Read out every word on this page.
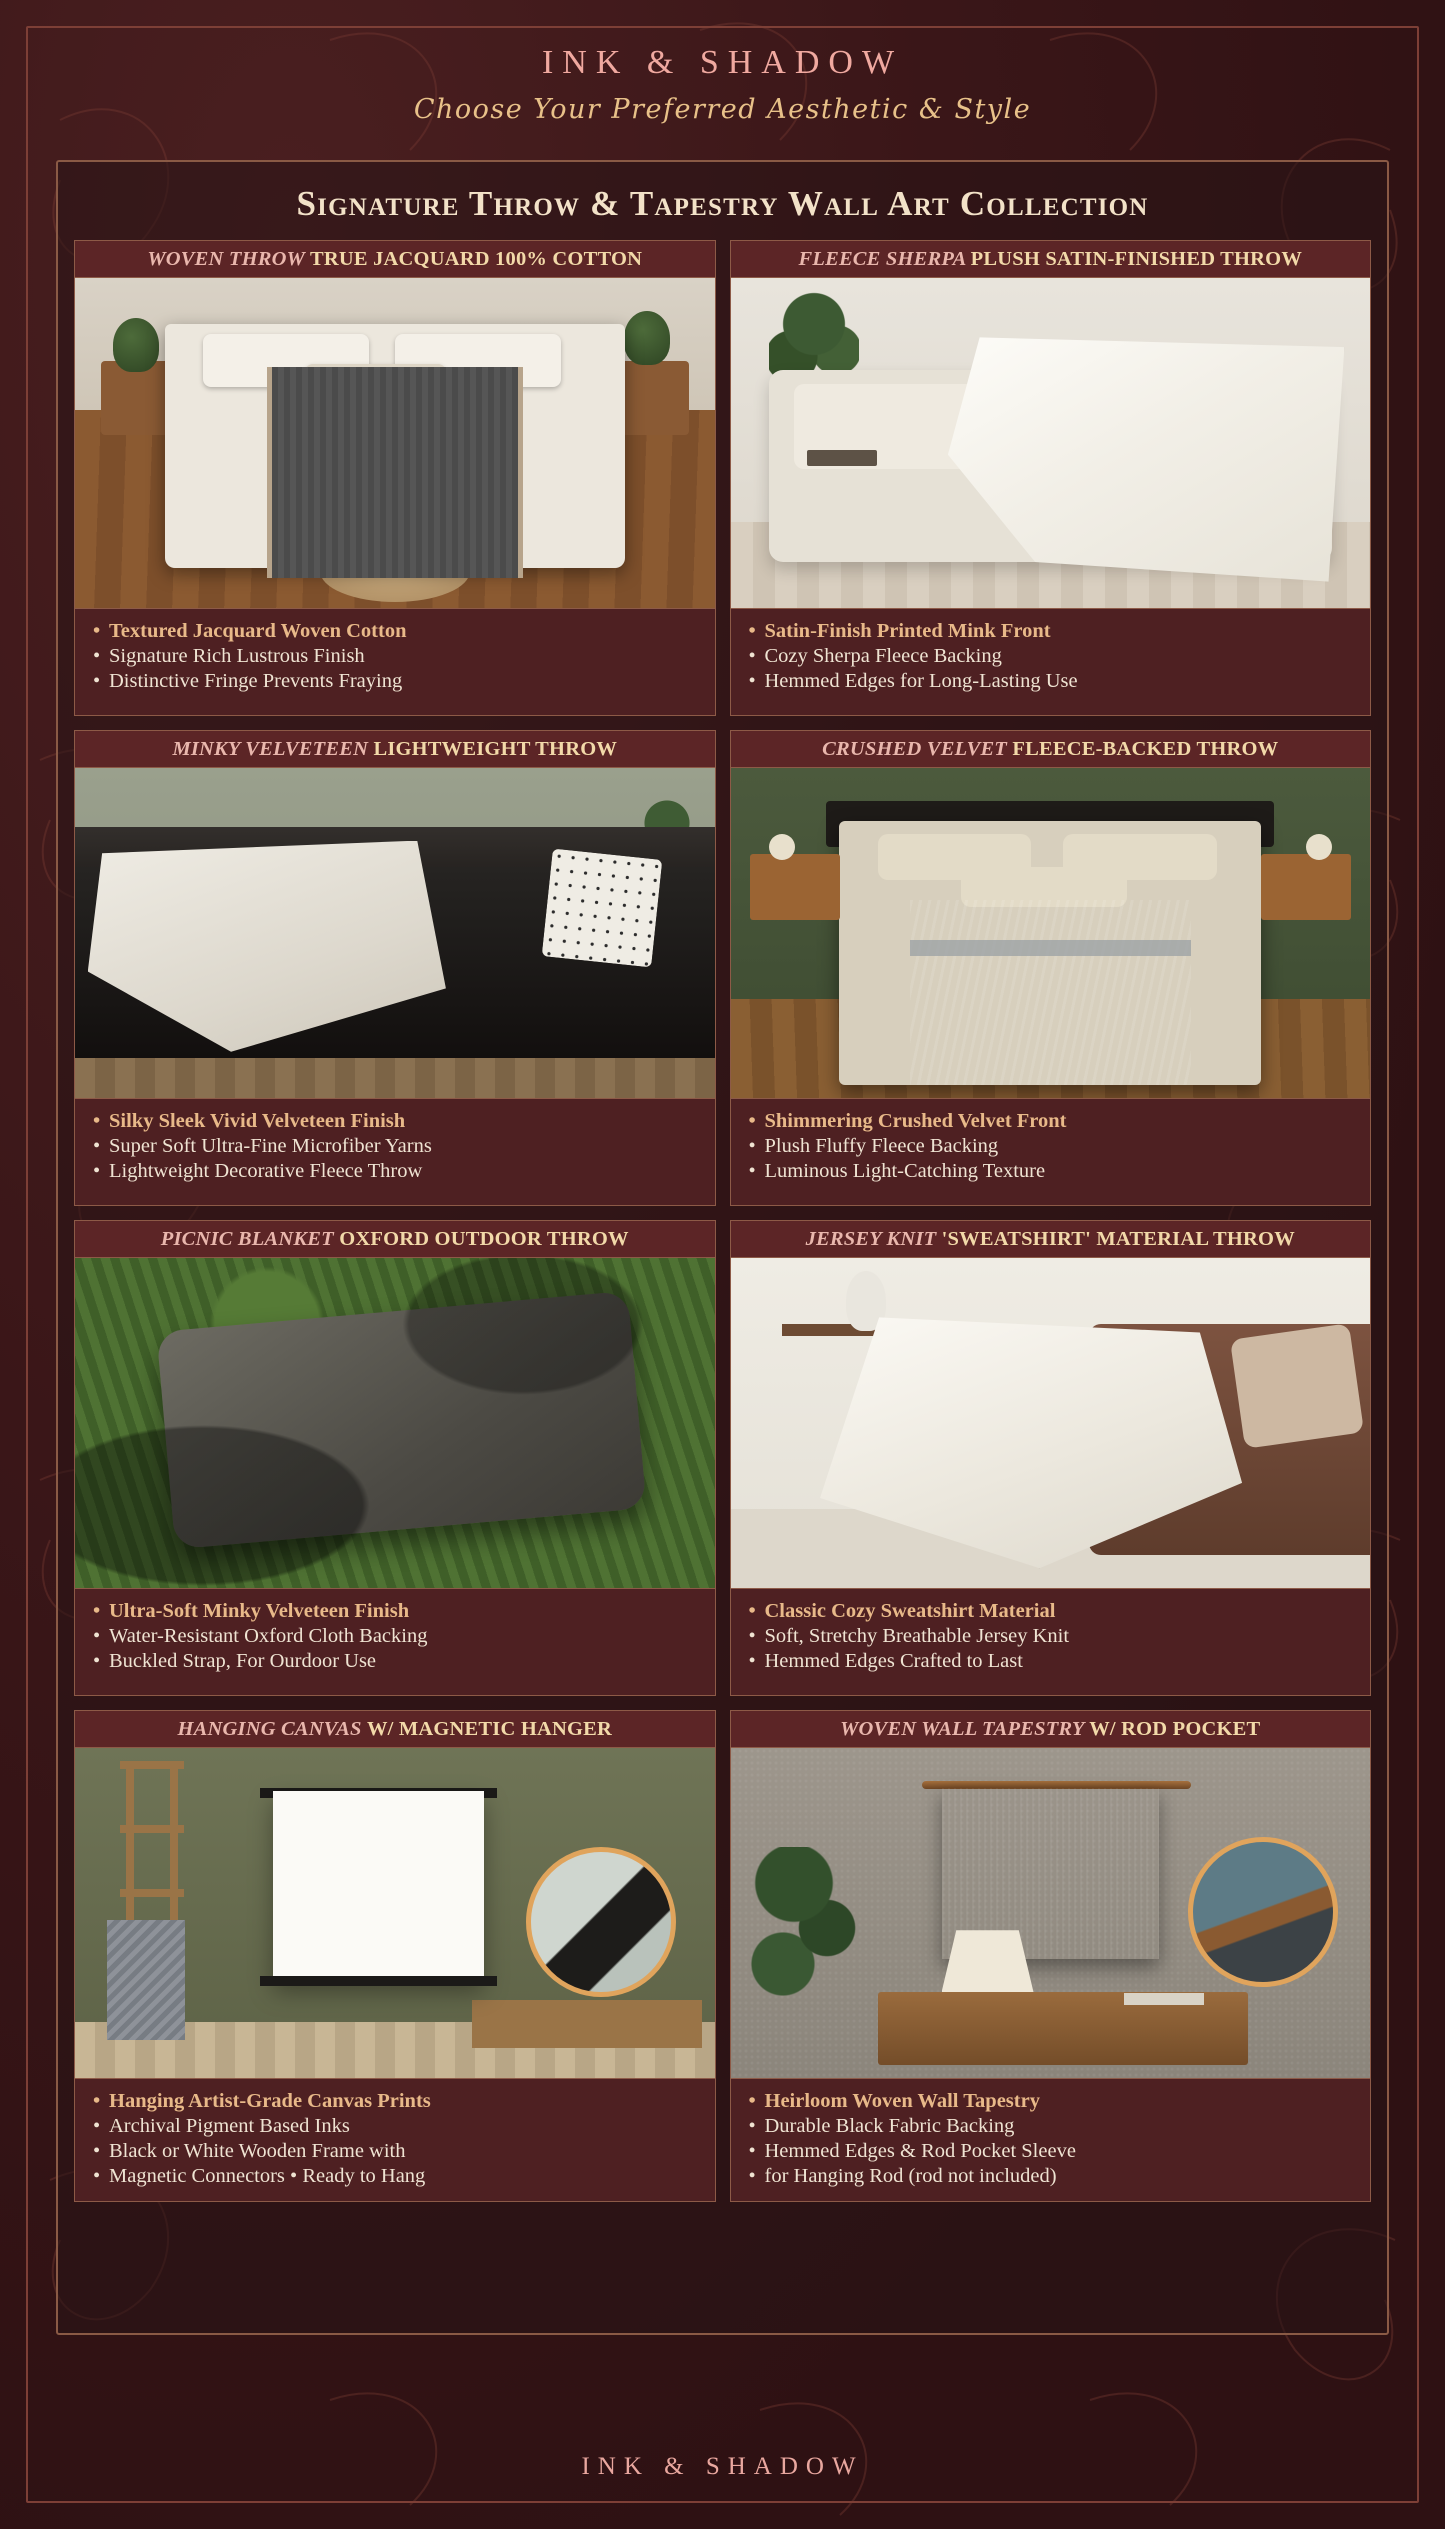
INK & SHADOW
Choose Your Preferred Aesthetic & Style
Signature Throw & Tapestry Wall Art Collection
WOVEN THROW TRUE JACQUARD 100% COTTON
• Textured Jacquard Woven Cotton
• Signature Rich Lustrous Finish
• Distinctive Fringe Prevents Fraying
FLEECE SHERPA PLUSH SATIN-FINISHED THROW
• Satin-Finish Printed Mink Front
• Cozy Sherpa Fleece Backing
• Hemmed Edges for Long-Lasting Use
MINKY VELVETEEN LIGHTWEIGHT THROW
• Silky Sleek Vivid Velveteen Finish
• Super Soft Ultra-Fine Microfiber Yarns
• Lightweight Decorative Fleece Throw
CRUSHED VELVET FLEECE-BACKED THROW
• Shimmering Crushed Velvet Front
• Plush Fluffy Fleece Backing
• Luminous Light-Catching Texture
PICNIC BLANKET OXFORD OUTDOOR THROW
• Ultra-Soft Minky Velveteen Finish
• Water-Resistant Oxford Cloth Backing
• Buckled Strap, For Ourdoor Use
JERSEY KNIT 'SWEATSHIRT' MATERIAL THROW
• Classic Cozy Sweatshirt Material
• Soft, Stretchy Breathable Jersey Knit
• Hemmed Edges Crafted to Last
HANGING CANVAS W/ MAGNETIC HANGER
• Hanging Artist-Grade Canvas Prints
• Archival Pigment Based Inks
• Black or White Wooden Frame with
• Magnetic Connectors • Ready to Hang
WOVEN WALL TAPESTRY W/ ROD POCKET
• Heirloom Woven Wall Tapestry
• Durable Black Fabric Backing
• Hemmed Edges & Rod Pocket Sleeve
• for Hanging Rod (rod not included)
INK & SHADOW
